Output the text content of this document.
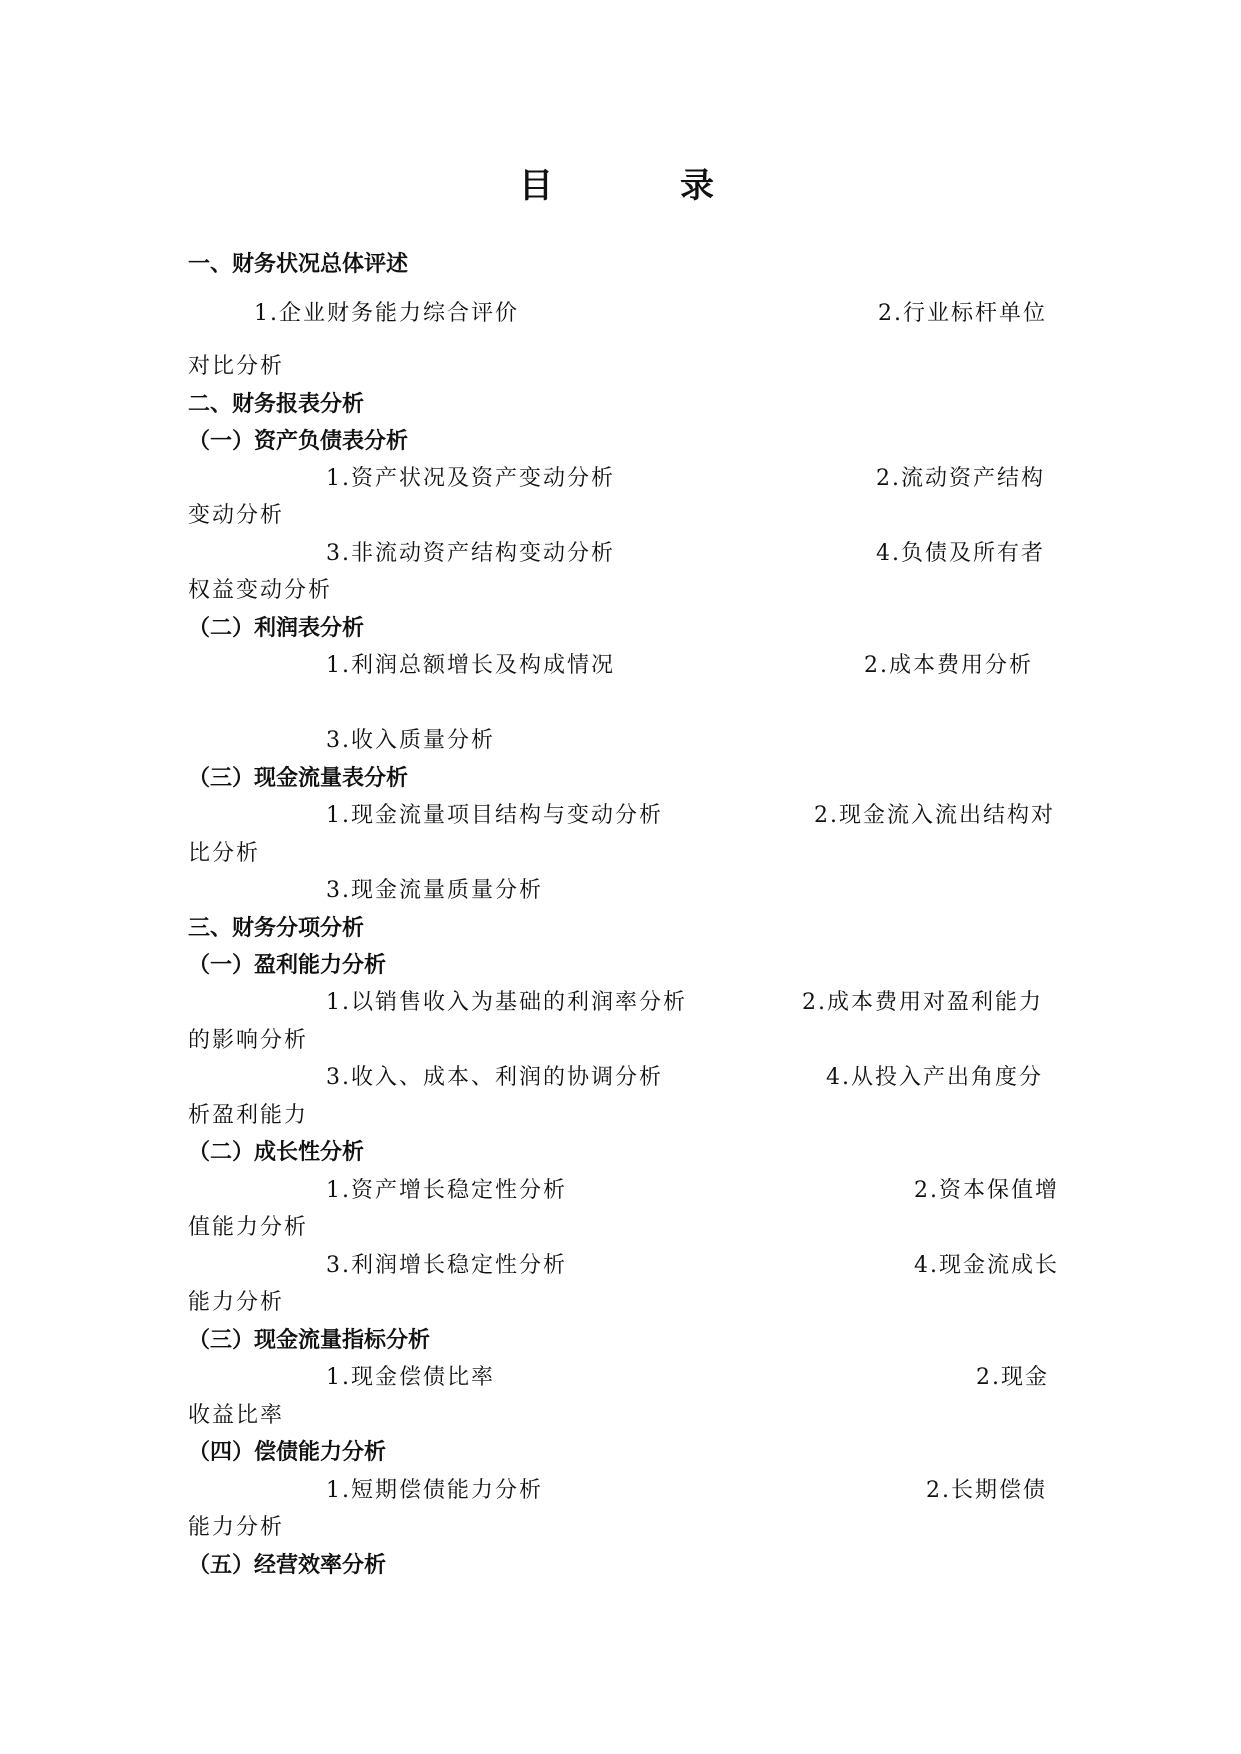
目	录
一、财务状况总体评述
1.企业财务能力综合评价	2.行业标杆单位
对比分析
二、财务报表分析
（一）资产负债表分析
1.资产状况及资产变动分析	2.流动资产结构
变动分析
3.非流动资产结构变动分析	4.负债及所有者
权益变动分析
（二）利润表分析
1.利润总额增长及构成情况	2.成本费用分析
3.收入质量分析
（三）现金流量表分析
1.现金流量项目结构与变动分析	2.现金流入流出结构对
比分析
3.现金流量质量分析
三、财务分项分析
（一）盈利能力分析
1.以销售收入为基础的利润率分析	2.成本费用对盈利能力
的影响分析
3.收入、成本、利润的协调分析	4.从投入产出角度分
析盈利能力
（二）成长性分析
1.资产增长稳定性分析	2.资本保值增
值能力分析
3.利润增长稳定性分析	4.现金流成长
能力分析
（三）现金流量指标分析
1.现金偿债比率	2.现金
收益比率
（四）偿债能力分析
1.短期偿债能力分析	2.长期偿债
能力分析
（五）经营效率分析
